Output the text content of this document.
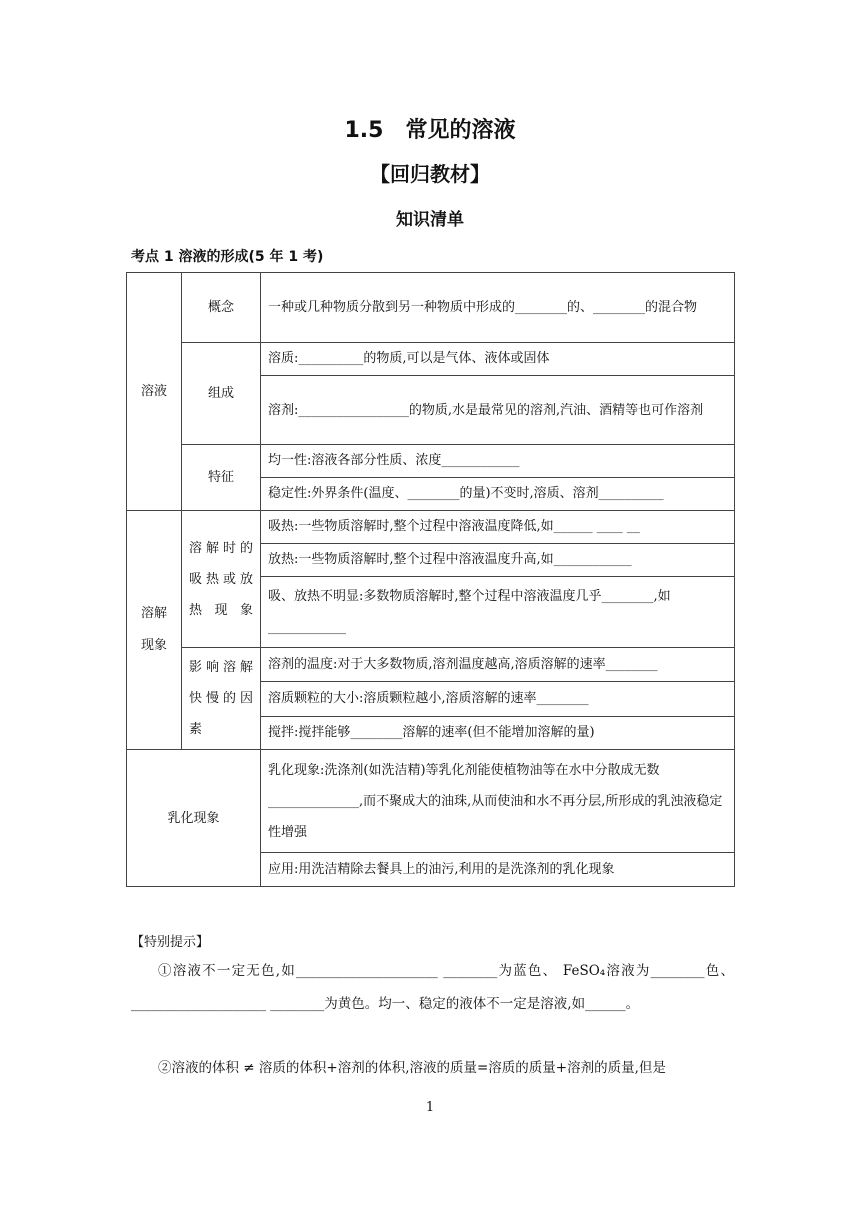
1.5　常见的溶液
【回归教材】
知识清单
考点 1 溶液的形成(5 年 1 考)
溶液	概念	一种或几种物质分散到另一种物质中形成的________的、________的混合物
	组成	溶质:__________的物质,可以是气体、液体或固体
		溶剂:_________________的物质,水是最常见的溶剂,汽油、酒精等也可作溶剂
	特征	均一性:溶液各部分性质、浓度____________
		稳定性:外界条件(温度、________的量)不变时,溶质、溶剂__________
溶解现象	溶解时的吸热或放热现象	吸热:一些物质溶解时,整个过程中溶液温度降低,如______ ____ __
		放热:一些物质溶解时,整个过程中溶液温度升高,如____________
		吸、放热不明显:多数物质溶解时,整个过程中溶液温度几乎________,如____________
	影响溶解快慢的因素	溶剂的温度:对于大多数物质,溶剂温度越高,溶质溶解的速率________
		溶质颗粒的大小:溶质颗粒越小,溶质溶解的速率________
		搅拌:搅拌能够________溶解的速率(但不能增加溶解的量)
乳化现象		乳化现象:洗涤剂(如洗洁精)等乳化剂能使植物油等在水中分散成无数______________,而不聚成大的油珠,从而使油和水不再分层,所形成的乳浊液稳定性增强
		应用:用洗洁精除去餐具上的油污,利用的是洗涤剂的乳化现象
【特别提示】
①溶液不一定无色,如_____________________ ________为蓝色、 FeSO₄溶液为________色、____________________ ________为黄色。均一、稳定的液体不一定是溶液,如______。
②溶液的体积 ≠ 溶质的体积+溶剂的体积,溶液的质量=溶质的质量+溶剂的质量,但是
1
